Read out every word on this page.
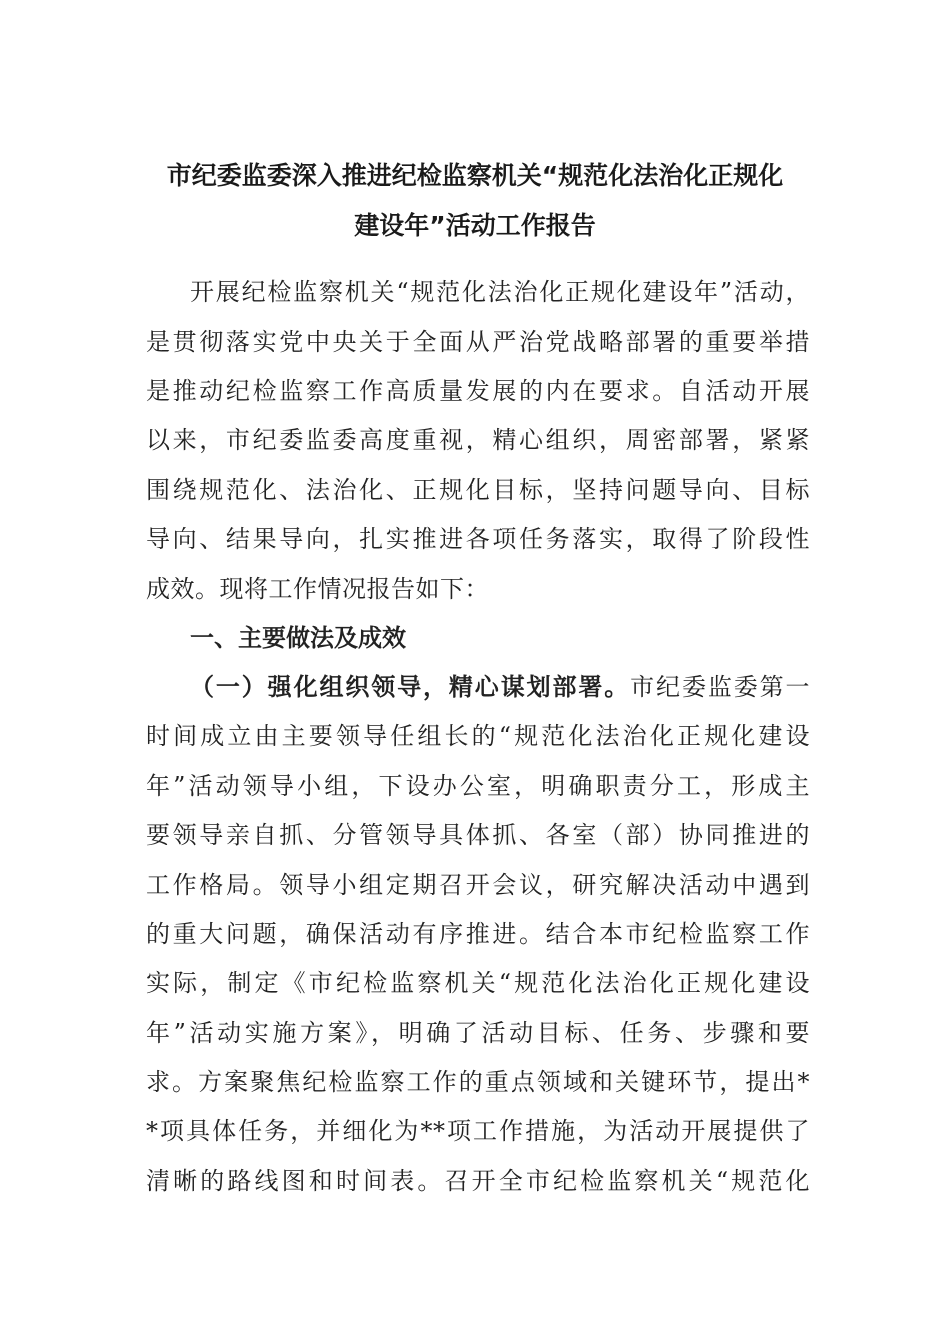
市纪委监委深入推进纪检监察机关“规范化法治化正规化
建设年”活动工作报告
开展纪检监察机关“规范化法治化正规化建设年”活动，
是贯彻落实党中央关于全面从严治党战略部署的重要举措
是推动纪检监察工作高质量发展的内在要求。自活动开展
以来，市纪委监委高度重视，精心组织，周密部署，紧紧
围绕规范化、法治化、正规化目标，坚持问题导向、目标
导向、结果导向，扎实推进各项任务落实，取得了阶段性
成效。现将工作情况报告如下：
一、主要做法及成效
（一）强化组织领导，精心谋划部署。市纪委监委第一
时间成立由主要领导任组长的“规范化法治化正规化建设
年”活动领导小组，下设办公室，明确职责分工，形成主
要领导亲自抓、分管领导具体抓、各室（部）协同推进的
工作格局。领导小组定期召开会议，研究解决活动中遇到
的重大问题，确保活动有序推进。结合本市纪检监察工作
实际，制定《市纪检监察机关“规范化法治化正规化建设
年”活动实施方案》，明确了活动目标、任务、步骤和要
求。方案聚焦纪检监察工作的重点领域和关键环节，提出*
*项具体任务，并细化为**项工作措施，为活动开展提供了
清晰的路线图和时间表。召开全市纪检监察机关“规范化
